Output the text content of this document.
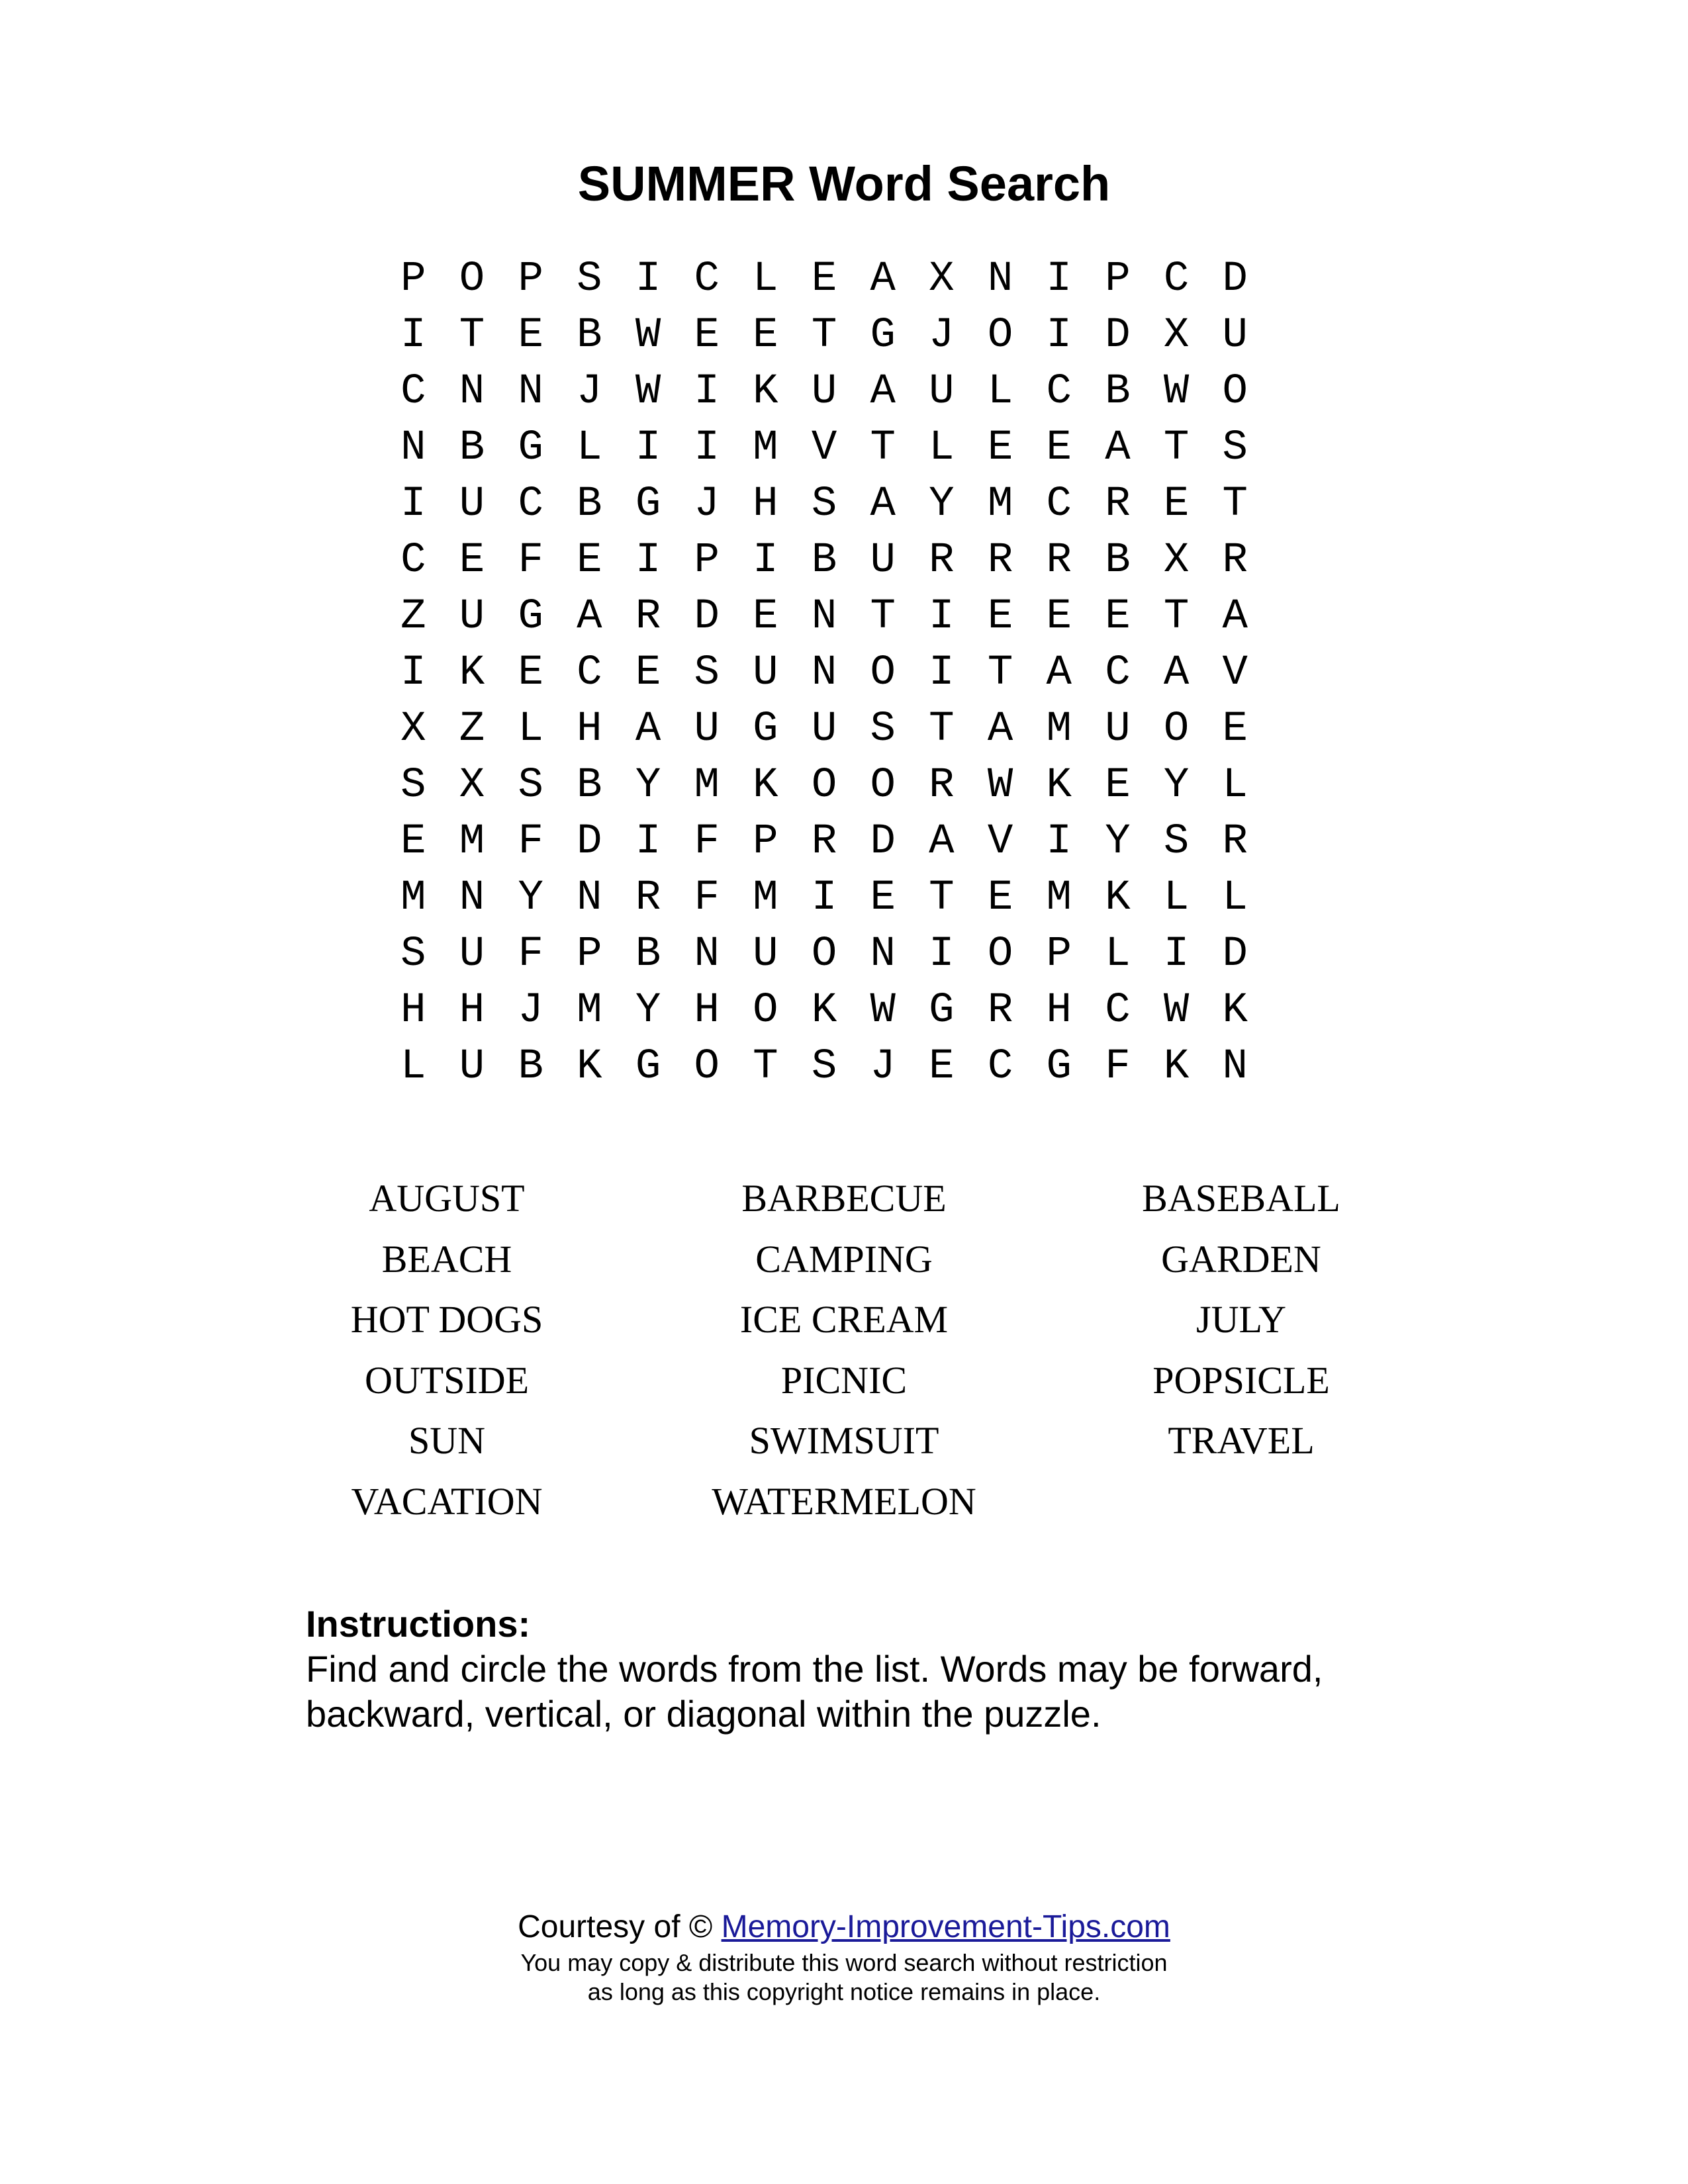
SUMMER Word Search
P O P S I C L E A X N I P C D
I T E B W E E T G J O I D X U
C N N J W I K U A U L C B W O
N B G L I I M V T L E E A T S
I U C B G J H S A Y M C R E T
C E F E I P I B U R R R B X R
Z U G A R D E N T I E E E T A
I K E C E S U N O I T A C A V
X Z L H A U G U S T A M U O E
S X S B Y M K O O R W K E Y L
E M F D I F P R D A V I Y S R
M N Y N R F M I E T E M K L L
S U F P B N U O N I O P L I D
H H J M Y H O K W G R H C W K
L U B K G O T S J E C G F K N
AUGUST	BARBECUE	BASEBALL
BEACH	CAMPING	GARDEN
HOT DOGS	ICE CREAM	JULY
OUTSIDE	PICNIC	POPSICLE
SUN	SWIMSUIT	TRAVEL
VACATION	WATERMELON
Instructions:
Find and circle the words from the list. Words may be forward,
backward, vertical, or diagonal within the puzzle.
Courtesy of © Memory-Improvement-Tips.com
You may copy & distribute this word search without restriction
as long as this copyright notice remains in place.
